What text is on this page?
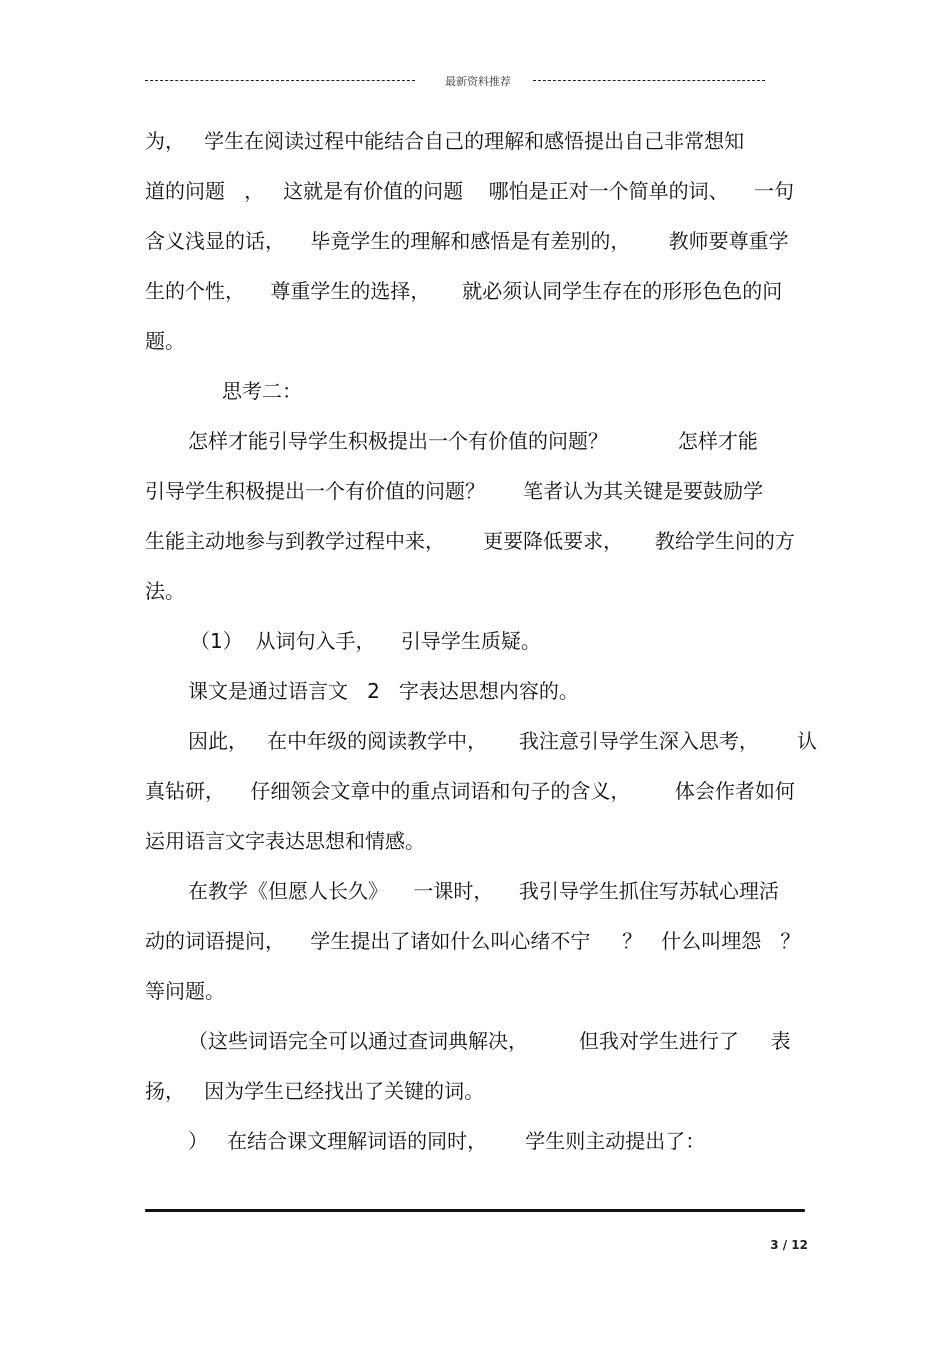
最新资料推荐
为，   学生在阅读过程中能结合自己的理解和感悟提出自己非常想知
道的问题   ，   这就是有价值的问题    哪怕是正对一个简单的词、    一句
含义浅显的话，    毕竟学生的理解和感悟是有差别的，      教师要尊重学
生的个性，    尊重学生的选择，     就必须认同学生存在的形形色色的问
题。
思考二：
怎样才能引导学生积极提出一个有价值的问题？           怎样才能
引导学生积极提出一个有价值的问题？      笔者认为其关键是要鼓励学
生能主动地参与到教学过程中来，      更要降低要求，     教给学生问的方
法。
（1）  从词句入手，    引导学生质疑。
课文是通过语言文   2   字表达思想内容的。
因此，   在中年级的阅读教学中，     我注意引导学生深入思考，      认
真钻研，    仔细领会文章中的重点词语和句子的含义，       体会作者如何
运用语言文字表达思想和情感。
在教学《但愿人长久》    一课时，    我引导学生抓住写苏轼心理活
动的词语提问，    学生提出了诸如什么叫心绪不宁     ？   什么叫埋怨   ？
等问题。
（这些词语完全可以通过查词典解决，        但我对学生进行了     表
扬，   因为学生已经找出了关键的词。
）   在结合课文理解词语的同时，      学生则主动提出了：
3 / 12
